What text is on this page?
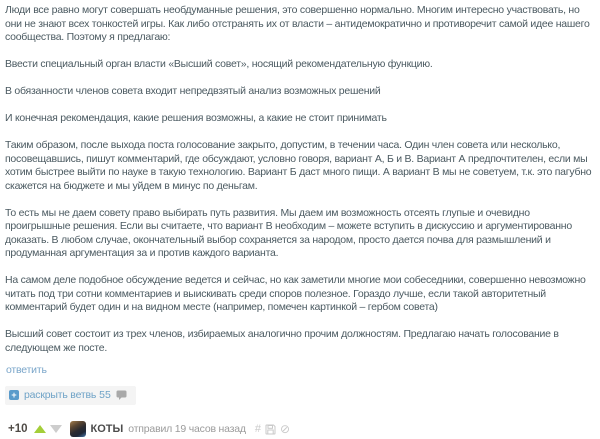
Люди все равно могут совершать необдуманные решения, это совершенно нормально. Многим интересно участвовать, но они не знают всех тонкостей игры. Как либо отстранять их от власти – антидемократично и противоречит самой идее нашего сообщества. Поэтому я предлагаю:

Ввести специальный орган власти «Высший совет», носящий рекомендательную функцию.

В обязанности членов совета входит непредвзятый анализ возможных решений

И конечная рекомендация, какие решения возможны, а какие не стоит принимать

Таким образом, после выхода поста голосование закрыто, допустим, в течении часа. Один член совета или несколько, посовещавшись, пишут комментарий, где обсуждают, условно говоря, вариант А, Б и В. Вариант А предпочтителен, если мы хотим быстрее выйти по науке в такую технологию. Вариант Б даст много пищи. А вариант В мы не советуем, т.к. это пагубно скажется на бюджете и мы уйдем в минус по деньгам.

То есть мы не даем совету право выбирать путь развития. Мы даем им возможность отсеять глупые и очевидно проигрышные решения. Если вы считаете, что вариант В необходим – можете вступить в дискуссию и аргументированно доказать. В любом случае, окончательный выбор сохраняется за народом, просто дается почва для размышлений и продуманная аргументация за и против каждого варианта.

На самом деле подобное обсуждение ведется и сейчас, но как заметили многие мои собеседники, совершенно невозможно читать под три сотни комментариев и выискивать среди споров полезное. Гораздо лучше, если такой авторитетный комментарий будет один и на видном месте (например, помечен картинкой – гербом совета)

Высший совет состоит из трех членов, избираемых аналогично прочим должностям. Предлагаю начать голосование в следующем же посте.

ответить
+ раскрыть ветвь 55
+10	КОТЫ отправил 19 часов назад # ⊘
